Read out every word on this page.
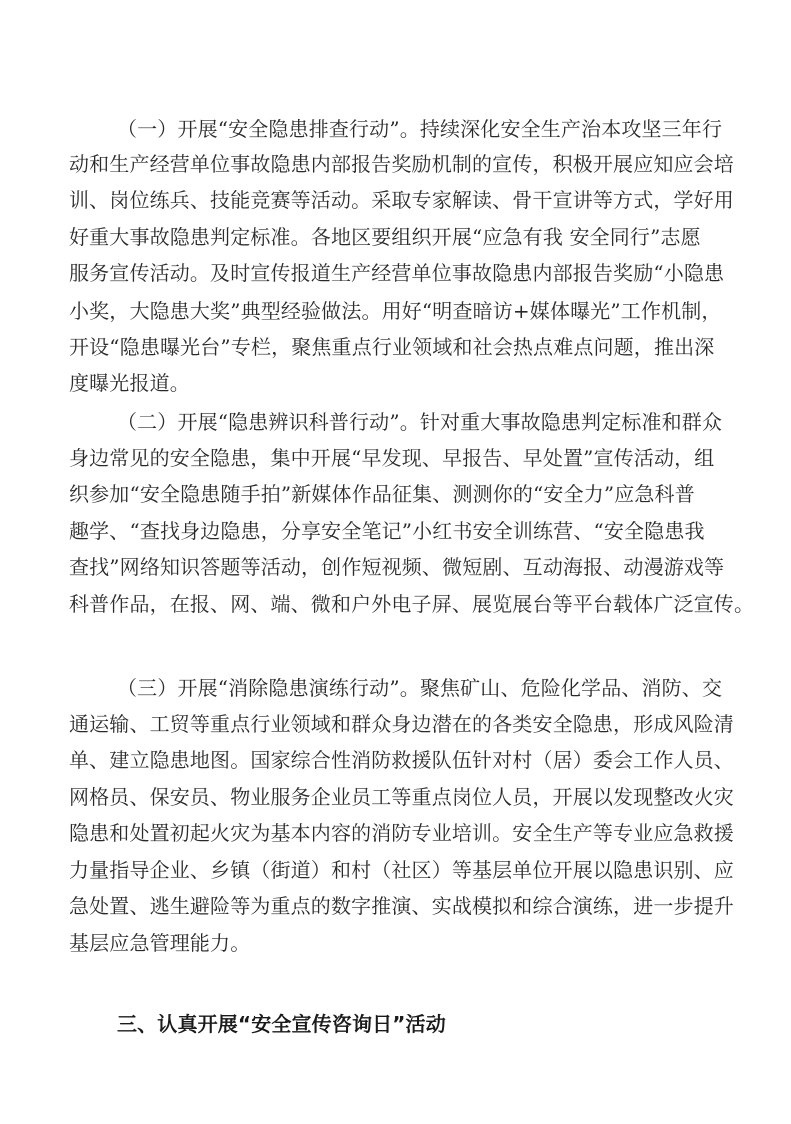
（一）开展“安全隐患排查行动”。持续深化安全生产治本攻坚三年行
动和生产经营单位事故隐患内部报告奖励机制的宣传，积极开展应知应会培
训、岗位练兵、技能竞赛等活动。采取专家解读、骨干宣讲等方式，学好用
好重大事故隐患判定标准。各地区要组织开展“应急有我 安全同行”志愿
服务宣传活动。及时宣传报道生产经营单位事故隐患内部报告奖励“小隐患
小奖，大隐患大奖”典型经验做法。用好“明查暗访+媒体曝光”工作机制，
开设“隐患曝光台”专栏，聚焦重点行业领域和社会热点难点问题，推出深
度曝光报道。
（二）开展“隐患辨识科普行动”。针对重大事故隐患判定标准和群众
身边常见的安全隐患，集中开展“早发现、早报告、早处置”宣传活动，组
织参加“安全隐患随手拍”新媒体作品征集、测测你的“安全力”应急科普
趣学、“查找身边隐患，分享安全笔记”小红书安全训练营、“安全隐患我
查找”网络知识答题等活动，创作短视频、微短剧、互动海报、动漫游戏等
科普作品，在报、网、端、微和户外电子屏、展览展台等平台载体广泛宣传。
（三）开展“消除隐患演练行动”。聚焦矿山、危险化学品、消防、交
通运输、工贸等重点行业领域和群众身边潜在的各类安全隐患，形成风险清
单、建立隐患地图。国家综合性消防救援队伍针对村（居）委会工作人员、
网格员、保安员、物业服务企业员工等重点岗位人员，开展以发现整改火灾
隐患和处置初起火灾为基本内容的消防专业培训。安全生产等专业应急救援
力量指导企业、乡镇（街道）和村（社区）等基层单位开展以隐患识别、应
急处置、逃生避险等为重点的数字推演、实战模拟和综合演练，进一步提升
基层应急管理能力。
三、认真开展“安全宣传咨询日”活动
